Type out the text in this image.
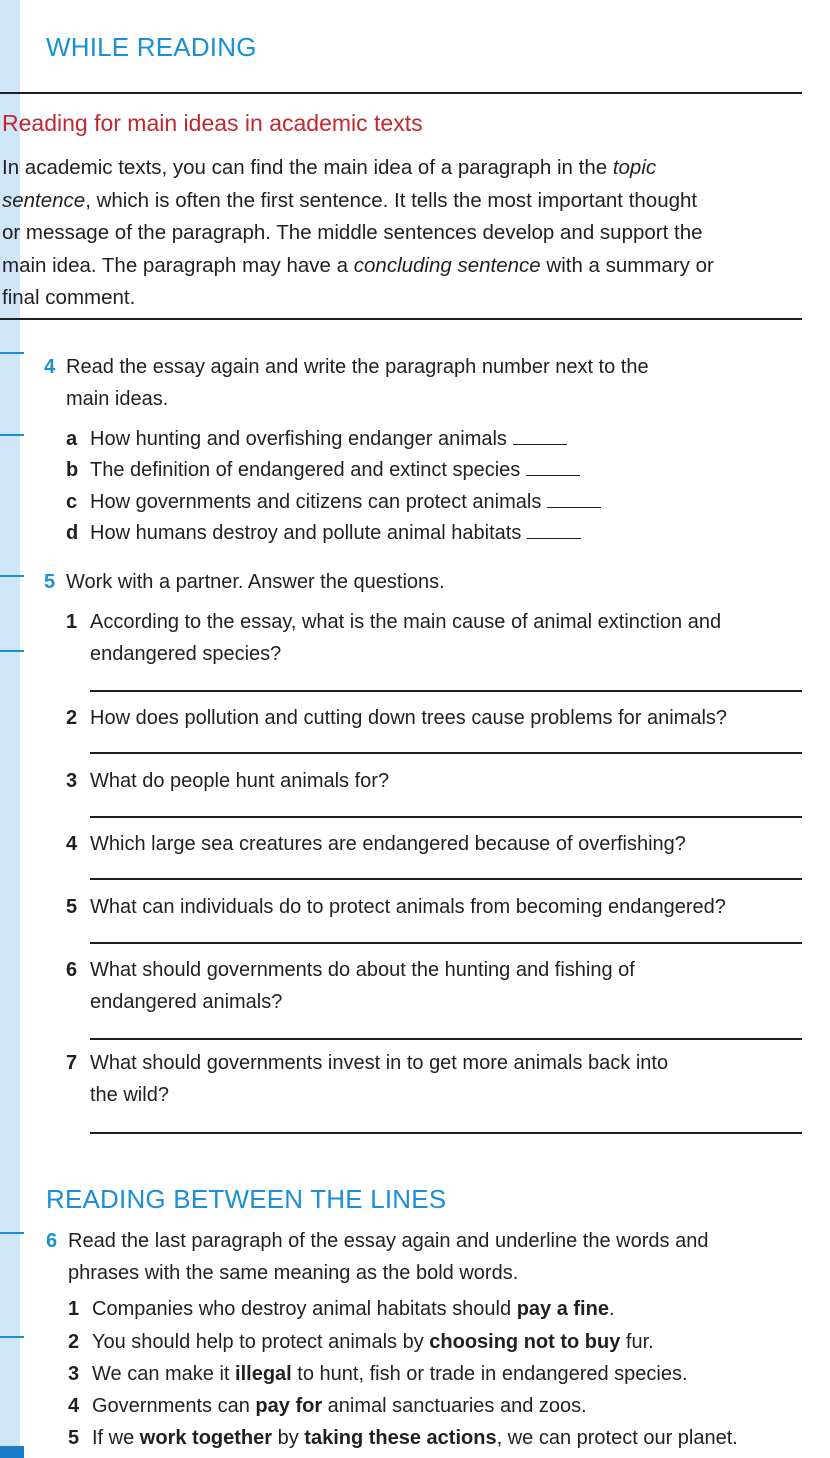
WHILE READING
Reading for main ideas in academic texts
In academic texts, you can find the main idea of a paragraph in the topic
sentence, which is often the first sentence. It tells the most important thought
or message of the paragraph. The middle sentences develop and support the
main idea. The paragraph may have a concluding sentence with a summary or
final comment.
4 Read the essay again and write the paragraph number next to the
main ideas.
a How hunting and overfishing endanger animals
b The definition of endangered and extinct species
c How governments and citizens can protect animals
d How humans destroy and pollute animal habitats
5 Work with a partner. Answer the questions.
1 According to the essay, what is the main cause of animal extinction and
endangered species?
2 How does pollution and cutting down trees cause problems for animals?
3 What do people hunt animals for?
4 Which large sea creatures are endangered because of overfishing?
5 What can individuals do to protect animals from becoming endangered?
6 What should governments do about the hunting and fishing of
endangered animals?
7 What should governments invest in to get more animals back into
the wild?
READING BETWEEN THE LINES
6 Read the last paragraph of the essay again and underline the words and
phrases with the same meaning as the bold words.
1 Companies who destroy animal habitats should pay a fine.
2 You should help to protect animals by choosing not to buy fur.
3 We can make it illegal to hunt, fish or trade in endangered species.
4 Governments can pay for animal sanctuaries and zoos.
5 If we work together by taking these actions, we can protect our planet.
